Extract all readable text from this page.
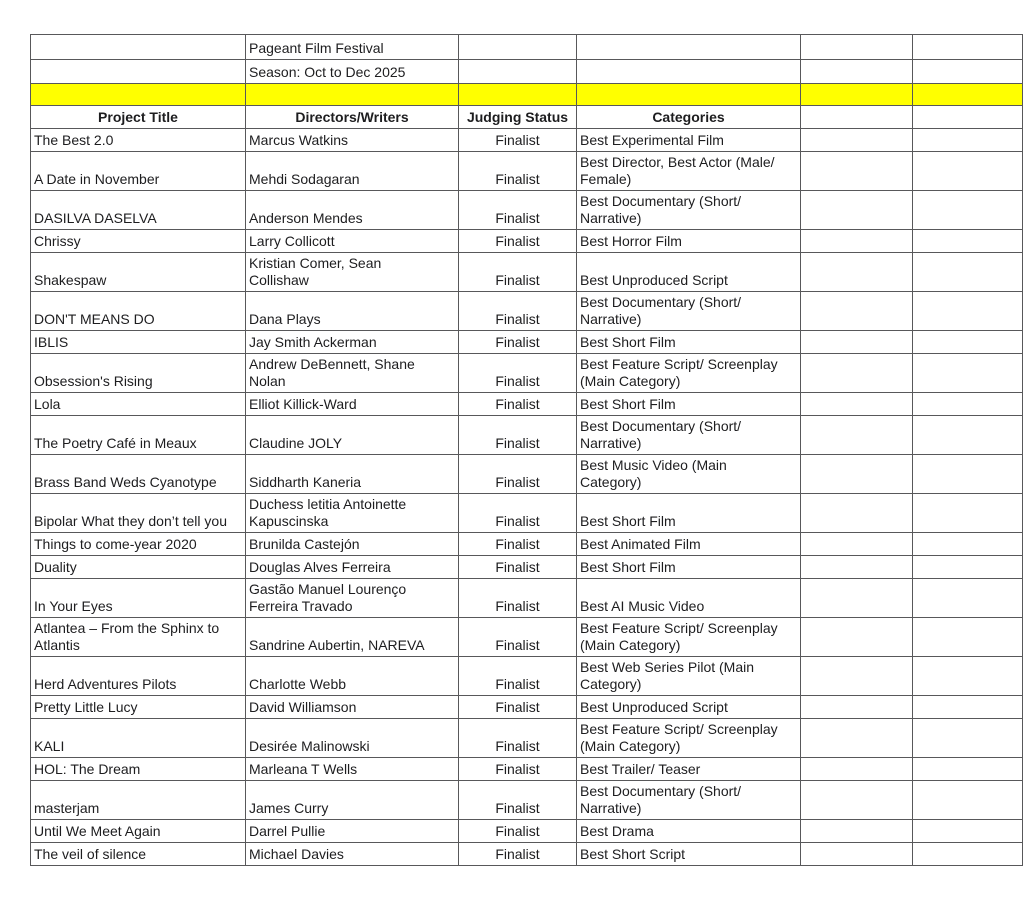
	Pageant Film Festival				
	Season: Oct to Dec 2025				

Project Title	Directors/Writers	Judging Status	Categories		
The Best 2.0	Marcus Watkins	Finalist	Best Experimental Film		
A Date in November	Mehdi Sodagaran	Finalist	Best Director, Best Actor (Male/ Female)		
DASILVA DASELVA	Anderson Mendes	Finalist	Best Documentary (Short/ Narrative)		
Chrissy	Larry Collicott	Finalist	Best Horror Film		
Shakespaw	Kristian Comer, Sean Collishaw	Finalist	Best Unproduced Script		
DON'T MEANS DO	Dana Plays	Finalist	Best Documentary (Short/ Narrative)		
IBLIS	Jay Smith Ackerman	Finalist	Best Short Film		
Obsession's Rising	Andrew DeBennett, Shane Nolan	Finalist	Best Feature Script/ Screenplay (Main Category)		
Lola	Elliot Killick-Ward	Finalist	Best Short Film		
The Poetry Café in Meaux	Claudine JOLY	Finalist	Best Documentary (Short/ Narrative)		
Brass Band Weds Cyanotype	Siddharth Kaneria	Finalist	Best Music Video (Main Category)		
Bipolar What they don’t tell you	Duchess letitia Antoinette Kapuscinska	Finalist	Best Short Film		
Things to come-year 2020	Brunilda Castejón	Finalist	Best Animated Film		
Duality	Douglas Alves Ferreira	Finalist	Best Short Film		
In Your Eyes	Gastão Manuel Lourenço Ferreira Travado	Finalist	Best AI Music Video		
Atlantea – From the Sphinx to Atlantis	Sandrine Aubertin, NAREVA	Finalist	Best Feature Script/ Screenplay (Main Category)		
Herd Adventures Pilots	Charlotte Webb	Finalist	Best Web Series Pilot (Main Category)		
Pretty Little Lucy	David Williamson	Finalist	Best Unproduced Script		
KALI	Desirée Malinowski	Finalist	Best Feature Script/ Screenplay (Main Category)		
HOL: The Dream	Marleana T Wells	Finalist	Best Trailer/ Teaser		
masterjam	James Curry	Finalist	Best Documentary (Short/ Narrative)		
Until We Meet Again	Darrel Pullie	Finalist	Best Drama		
The veil of silence	Michael Davies	Finalist	Best Short Script		
